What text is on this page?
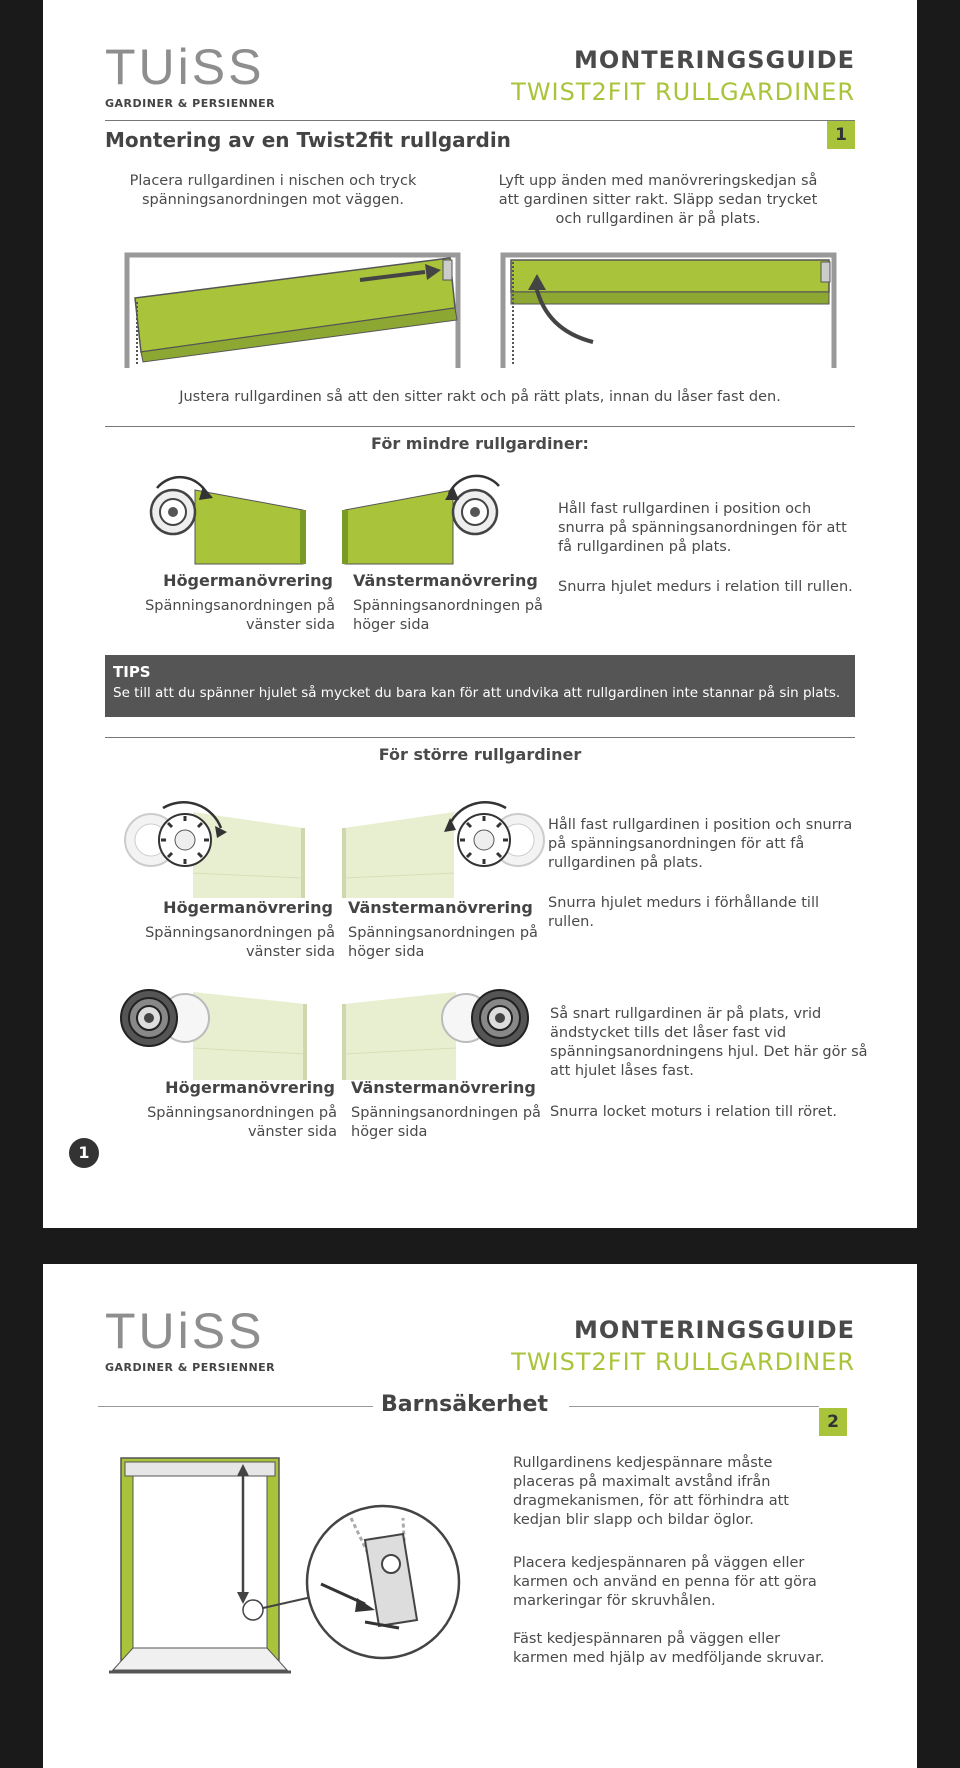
TUiSS
GARDINER & PERSIENNER
MONTERINGSGUIDE
TWIST2FIT RULLGARDINER
Montering av en Twist2fit rullgardin	1
Placera rullgardinen i nischen och tryck spänningsanordningen mot väggen.
Lyft upp änden med manövreringskedjan så att gardinen sitter rakt. Släpp sedan trycket och rullgardinen är på plats.
Justera rullgardinen så att den sitter rakt och på rätt plats, innan du låser fast den.
För mindre rullgardiner:
Högermanövrering
Spänningsanordningen på vänster sida
Vänstermanövrering
Spänningsanordningen på höger sida
Håll fast rullgardinen i position och snurra på spänningsanordningen för att få rullgardinen på plats.
Snurra hjulet medurs i relation till rullen.
TIPS
Se till att du spänner hjulet så mycket du bara kan för att undvika att rullgardinen inte stannar på sin plats.
För större rullgardiner
Högermanövrering
Spänningsanordningen på vänster sida
Vänstermanövrering
Spänningsanordningen på höger sida
Håll fast rullgardinen i position och snurra på spänningsanordningen för att få rullgardinen på plats.
Snurra hjulet medurs i förhållande till rullen.
Högermanövrering
Spänningsanordningen på vänster sida
Vänstermanövrering
Spänningsanordningen på höger sida
Så snart rullgardinen är på plats, vrid ändstycket tills det låser fast vid spänningsanordningens hjul. Det här gör så att hjulet låses fast.
Snurra locket moturs i relation till röret.
1
TUiSS
GARDINER & PERSIENNER
MONTERINGSGUIDE
TWIST2FIT RULLGARDINER
Barnsäkerhet
2
Rullgardinens kedjespännare måste placeras på maximalt avstånd ifrån dragmekanismen, för att förhindra att kedjan blir slapp och bildar öglor.
Placera kedjespännaren på väggen eller karmen och använd en penna för att göra markeringar för skruvhålen.
Fäst kedjespännaren på väggen eller karmen med hjälp av medföljande skruvar.
